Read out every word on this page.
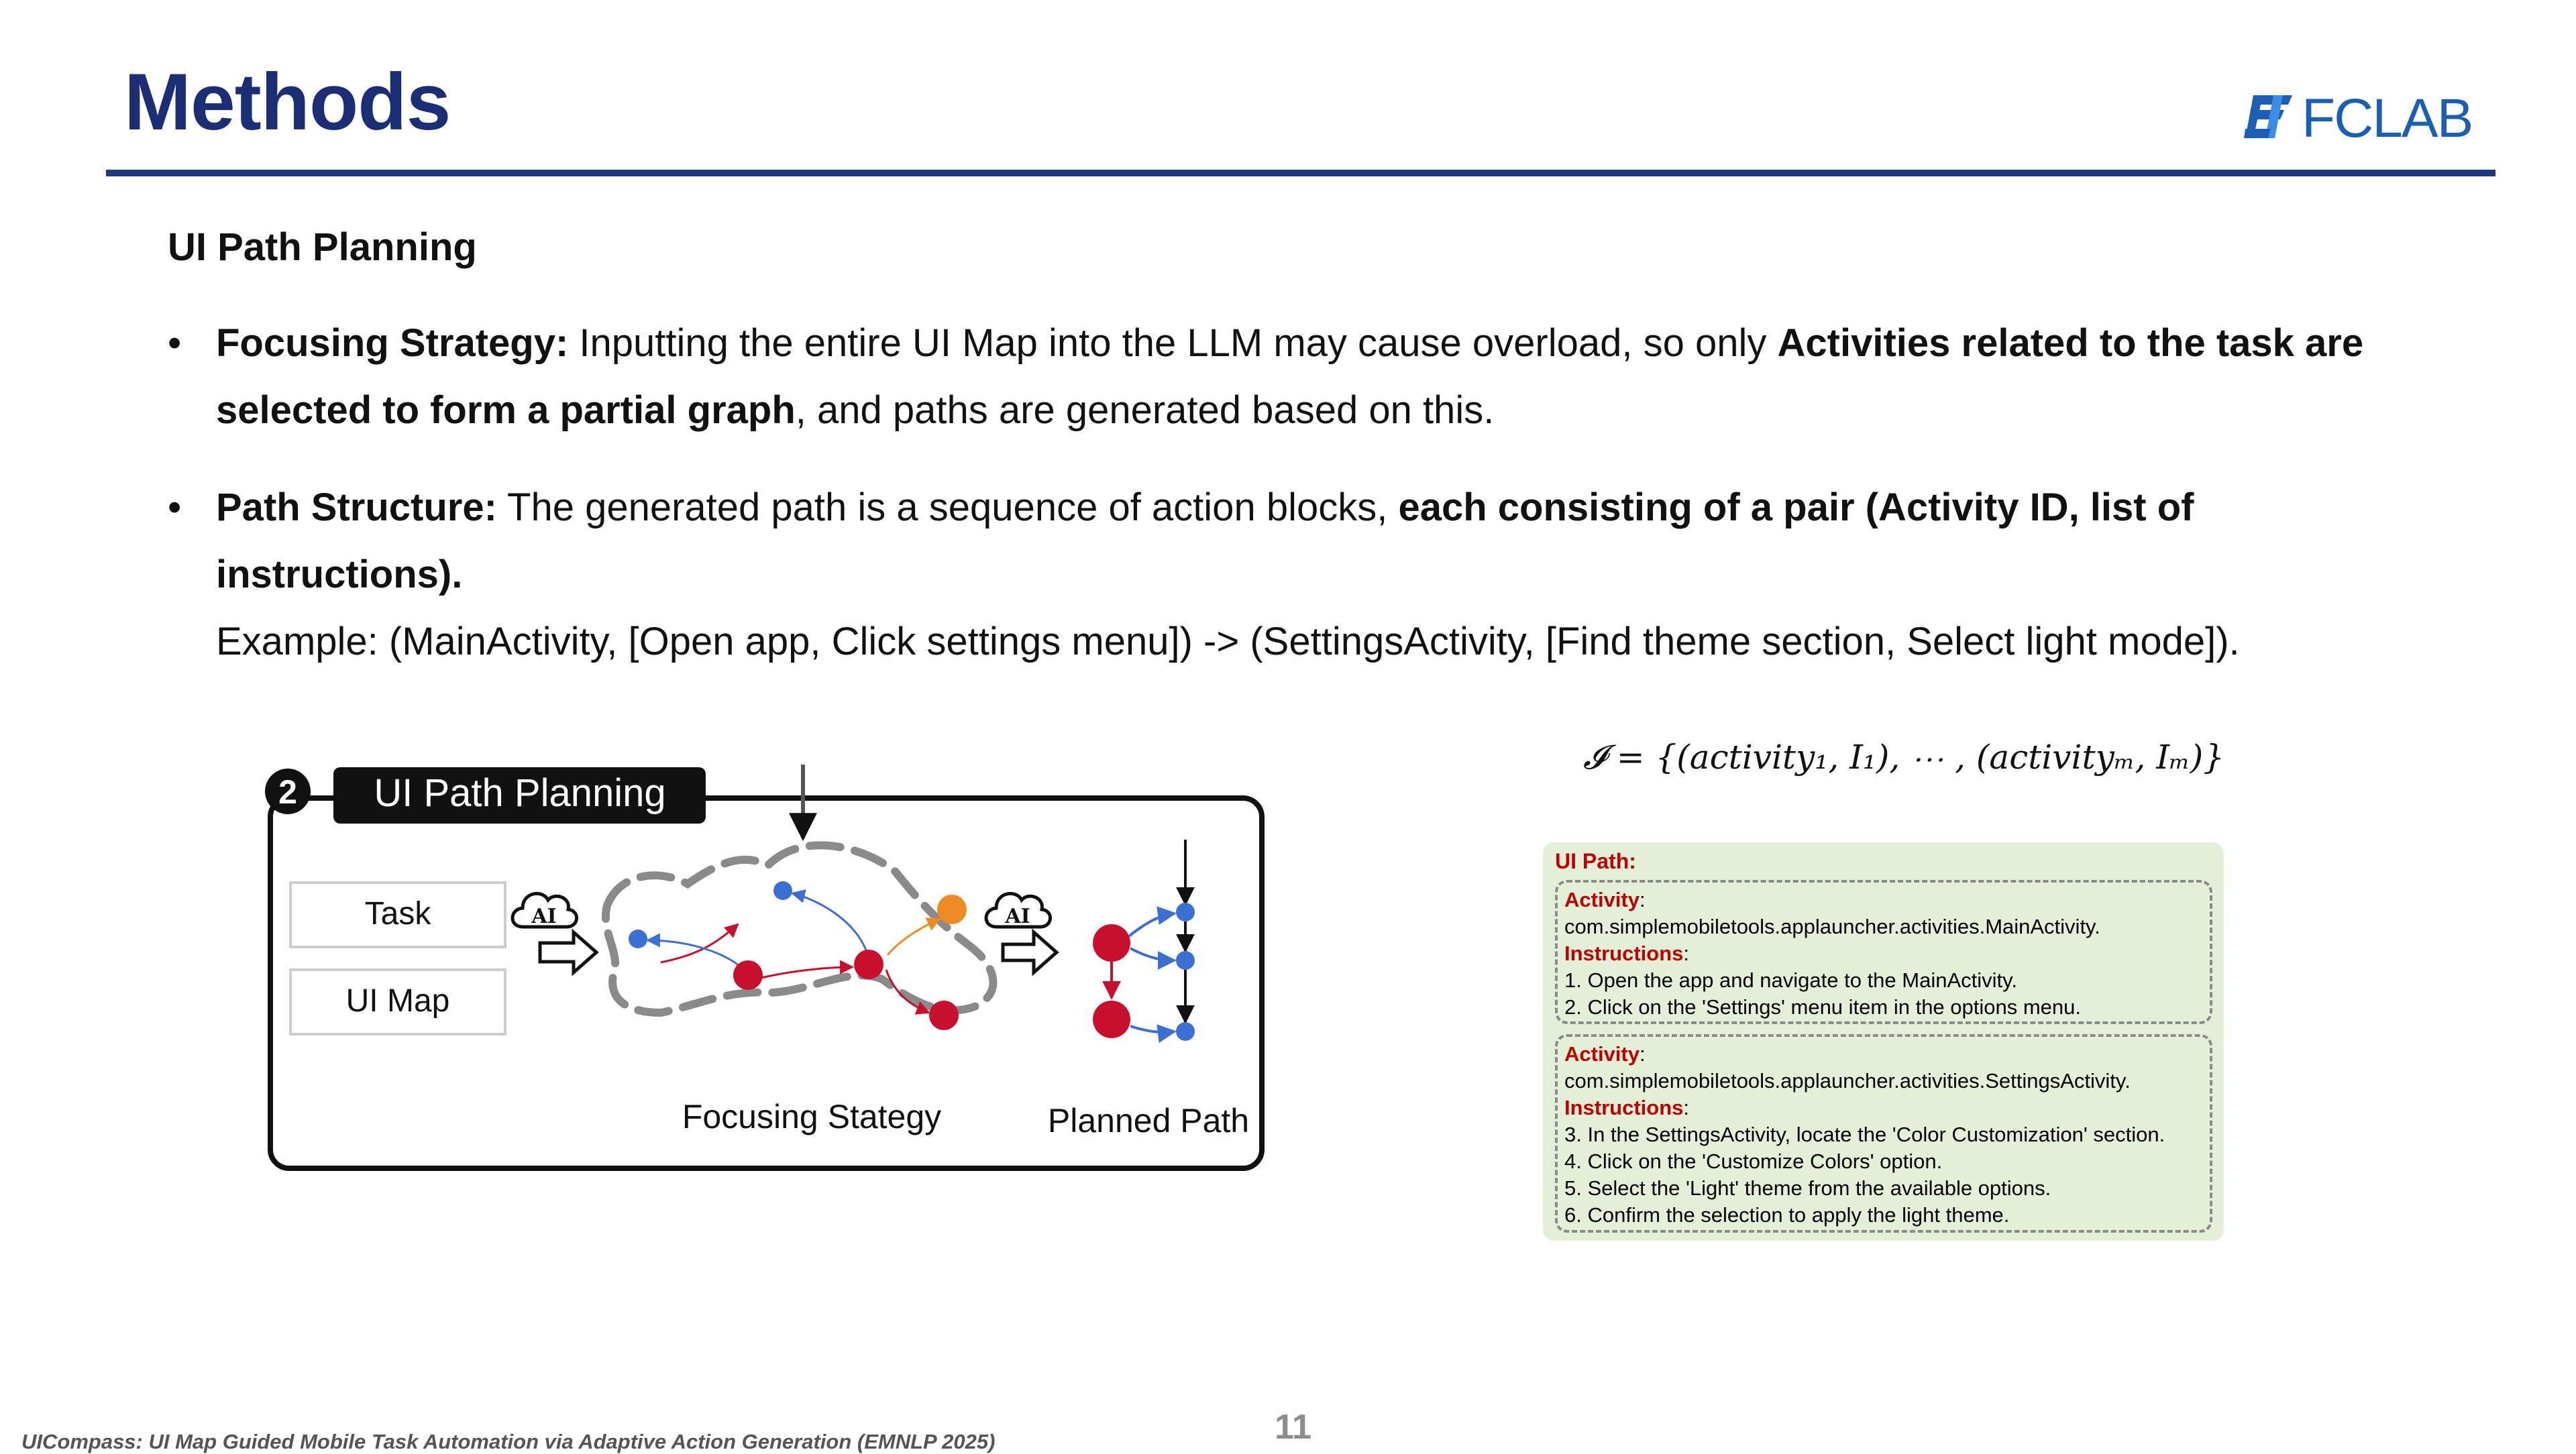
Methods	FCLAB
UI Path Planning
• Focusing Strategy: Inputting the entire UI Map into the LLM may cause overload, so only Activities related to the task are selected to form a partial graph, and paths are generated based on this.
• Path Structure: The generated path is a sequence of action blocks, each consisting of a pair (Activity ID, list of instructions).
Example: (MainActivity, [Open app, Click settings menu]) -> (SettingsActivity, [Find theme section, Select light mode]).
2 UI Path Planning
Task
UI Map
AI	AI
Focusing Stategy	Planned Path
𝓘 = {(activity₁, I₁), ⋯ , (activityₘ, Iₘ)}
UI Path:
Activity:
com.simplemobiletools.applauncher.activities.MainActivity.
Instructions:
1. Open the app and navigate to the MainActivity.
2. Click on the 'Settings' menu item in the options menu.
Activity:
com.simplemobiletools.applauncher.activities.SettingsActivity.
Instructions:
3. In the SettingsActivity, locate the 'Color Customization' section.
4. Click on the 'Customize Colors' option.
5. Select the 'Light' theme from the available options.
6. Confirm the selection to apply the light theme.
UICompass: UI Map Guided Mobile Task Automation via Adaptive Action Generation (EMNLP 2025)	11
